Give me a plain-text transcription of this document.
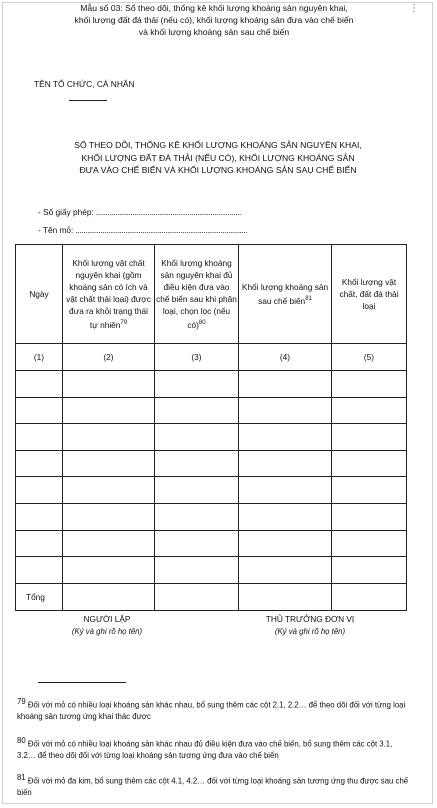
⋮
Mẫu số 03: Sổ theo dõi, thống kê khối lượng khoáng sản nguyên khai,
khối lượng đất đá thải (nếu có), khối lượng khoáng sản đưa vào chế biến
và khối lượng khoáng sản sau chế biến
TÊN TỔ CHỨC, CÁ NHÂN
SỔ THEO DÕI, THỐNG KÊ KHỐI LƯỢNG KHOÁNG SẢN NGUYÊN KHAI,
KHỐI LƯỢNG ĐẤT ĐÁ THẢI (NẾU CÓ), KHỐI LƯỢNG KHOÁNG SẢN
ĐƯA VÀO CHẾ BIẾN VÀ KHỐI LƯỢNG KHOÁNG SẢN SAU CHẾ BIẾN
- Số giấy phép: ............................................................................
- Tên mỏ: ..........................................................................................
Ngày	Khối lượng vật chất nguyên khai (gồm khoáng sản có ích và vật chất thải loại) được đưa ra khỏi trạng thái tự nhiên$^{79}$	Khối lượng khoáng sản nguyên khai đủ điều kiện đưa vào chế biến sau khi phân loại, chọn lọc (nếu có)$^{80}$	Khối lượng khoáng sản sau chế biến$^{81}$	Khối lượng vật chất, đất đá thải loại
(1)	(2)	(3)	(4)	(5)

Tổng				
NGƯỜI LẬP
(Ký và ghi rõ họ tên)
THỦ TRƯỞNG ĐƠN VỊ
(Ký và ghi rõ họ tên)
$^{79}$ Đối với mỏ có nhiều loại khoáng sản khác nhau, bổ sung thêm các cột 2.1, 2.2… để theo dõi đối với từng loại khoáng sản tương ứng khai thác được
$^{80}$ Đối với mỏ có nhiều loại khoáng sản khác nhau đủ điều kiện đưa vào chế biến, bổ sung thêm các cột 3.1, 3.2… để theo dõi đối với từng loại khoáng sản tương ứng đưa vào chế biến
$^{81}$ Đối với mỏ đa kim, bổ sung thêm các cột 4.1, 4.2… đối với từng loại khoáng sản tương ứng thu được sau chế biến
